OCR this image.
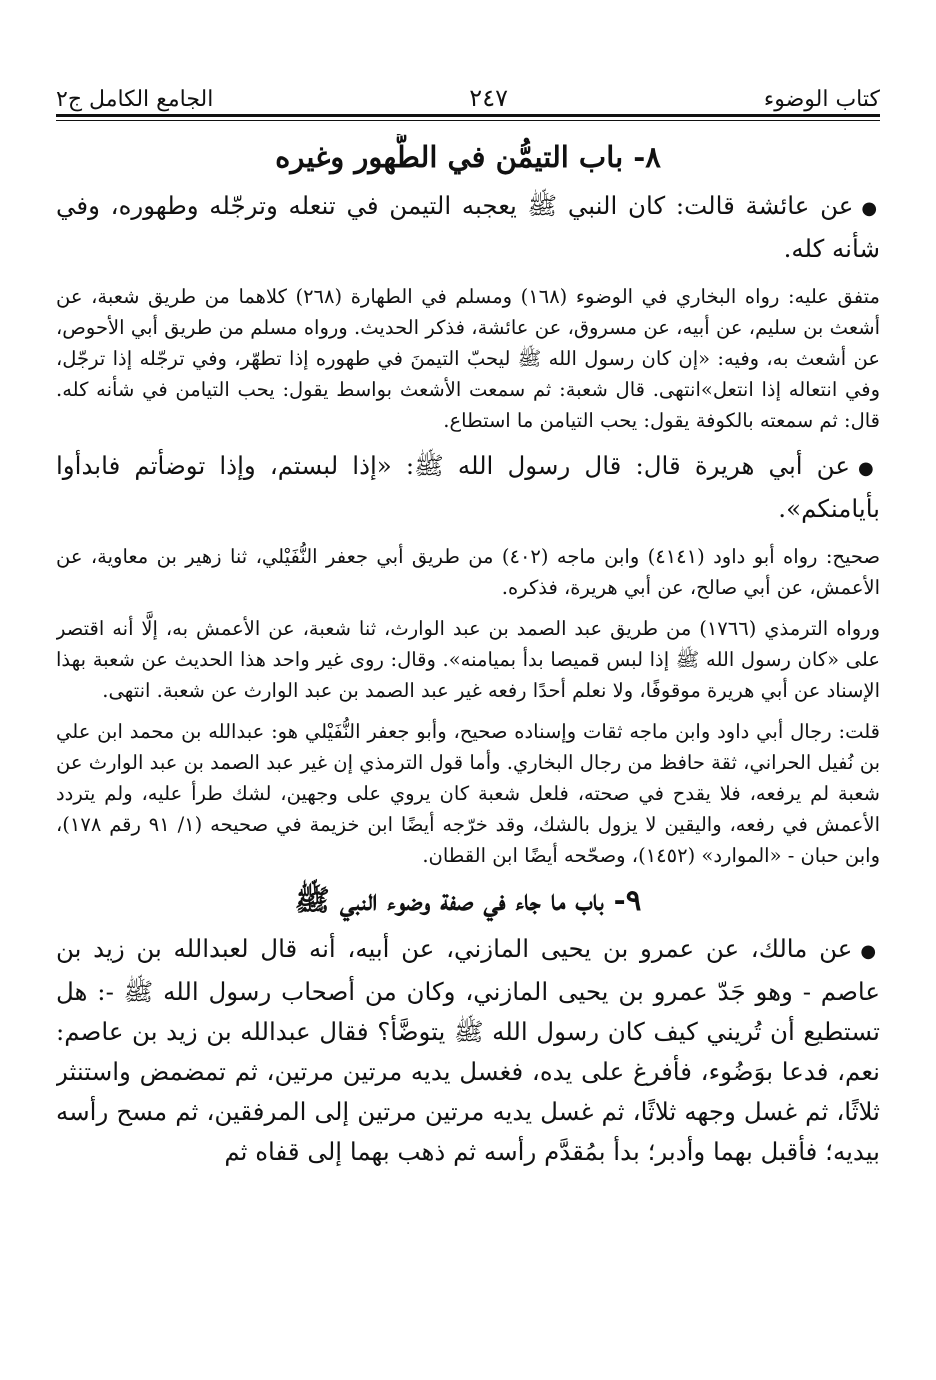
كتاب الوضوء
٢٤٧
الجامع الكامل ج٢
٨- باب التيمُّن في الطُّهور وغيره

●عن عائشة قالت: كان النبي ﷺ يعجبه التيمن في تنعله وترجّله وطهوره، وفي شأنه كله.

متفق عليه: رواه البخاري في الوضوء (١٦٨) ومسلم في الطهارة (٢٦٨) كلاهما من طريق شعبة، عن أشعث بن سليم، عن أبيه، عن مسروق، عن عائشة، فذكر الحديث. ورواه مسلم من طريق أبي الأحوص، عن أشعث به، وفيه: «إن كان رسول الله ﷺ ليحبّ التيمنَ في طهوره إذا تطهّر، وفي ترجّله إذا ترجّل، وفي انتعاله إذا انتعل»انتهى. قال شعبة: ثم سمعت الأشعث بواسط يقول: يحب التيامن في شأنه كله. قال: ثم سمعته بالكوفة يقول: يحب التيامن ما استطاع.

●عن أبي هريرة قال: قال رسول الله ﷺ: «إذا لبستم، وإذا توضأتم فابدأوا بأيامنكم».

صحيح: رواه أبو داود (٤١٤١) وابن ماجه (٤٠٢) من طريق أبي جعفر النُّفَيْلي، ثنا زهير بن معاوية، عن الأعمش، عن أبي صالح، عن أبي هريرة، فذكره.

ورواه الترمذي (١٧٦٦) من طريق عبد الصمد بن عبد الوارث، ثنا شعبة، عن الأعمش به، إلَّا أنه اقتصر على «كان رسول الله ﷺ إذا لبس قميصا بدأ بميامنه». وقال: روى غير واحد هذا الحديث عن شعبة بهذا الإسناد عن أبي هريرة موقوفًا، ولا نعلم أحدًا رفعه غير عبد الصمد بن عبد الوارث عن شعبة. انتهى.

قلت: رجال أبي داود وابن ماجه ثقات وإسناده صحيح، وأبو جعفر النُّفَيْلي هو: عبدالله بن محمد ابن علي بن نُفيل الحراني، ثقة حافظ من رجال البخاري. وأما قول الترمذي إن غير عبد الصمد بن عبد الوارث عن شعبة لم يرفعه، فلا يقدح في صحته، فلعل شعبة كان يروي على وجهين، لشك طرأ عليه، ولم يتردد الأعمش في رفعه، واليقين لا يزول بالشك، وقد خرّجه أيضًا ابن خزيمة في صحيحه (١/ ٩١ رقم ١٧٨)، وابن حبان - «الموارد» (١٤٥٢)، وصحّحه أيضًا ابن القطان.

٩- باب ما جاء في صفة وضوء النبي ﷺ

●عن مالك، عن عمرو بن يحيى المازني، عن أبيه، أنه قال لعبدالله بن زيد بن عاصم - وهو جَدّ عمرو بن يحيى المازني، وكان من أصحاب رسول الله ﷺ -: هل تستطيع أن تُريني كيف كان رسول الله ﷺ يتوضَّأ؟ فقال عبدالله بن زيد بن عاصم: نعم، فدعا بوَضُوء، فأفرغ على يده، فغسل يديه مرتين مرتين، ثم تمضمض واستنثر ثلاثًا، ثم غسل وجهه ثلاثًا، ثم غسل يديه مرتين مرتين إلى المرفقين، ثم مسح رأسه بيديه؛ فأقبل بهما وأدبر؛ بدأ بمُقدَّم رأسه ثم ذهب بهما إلى قفاه ثم
